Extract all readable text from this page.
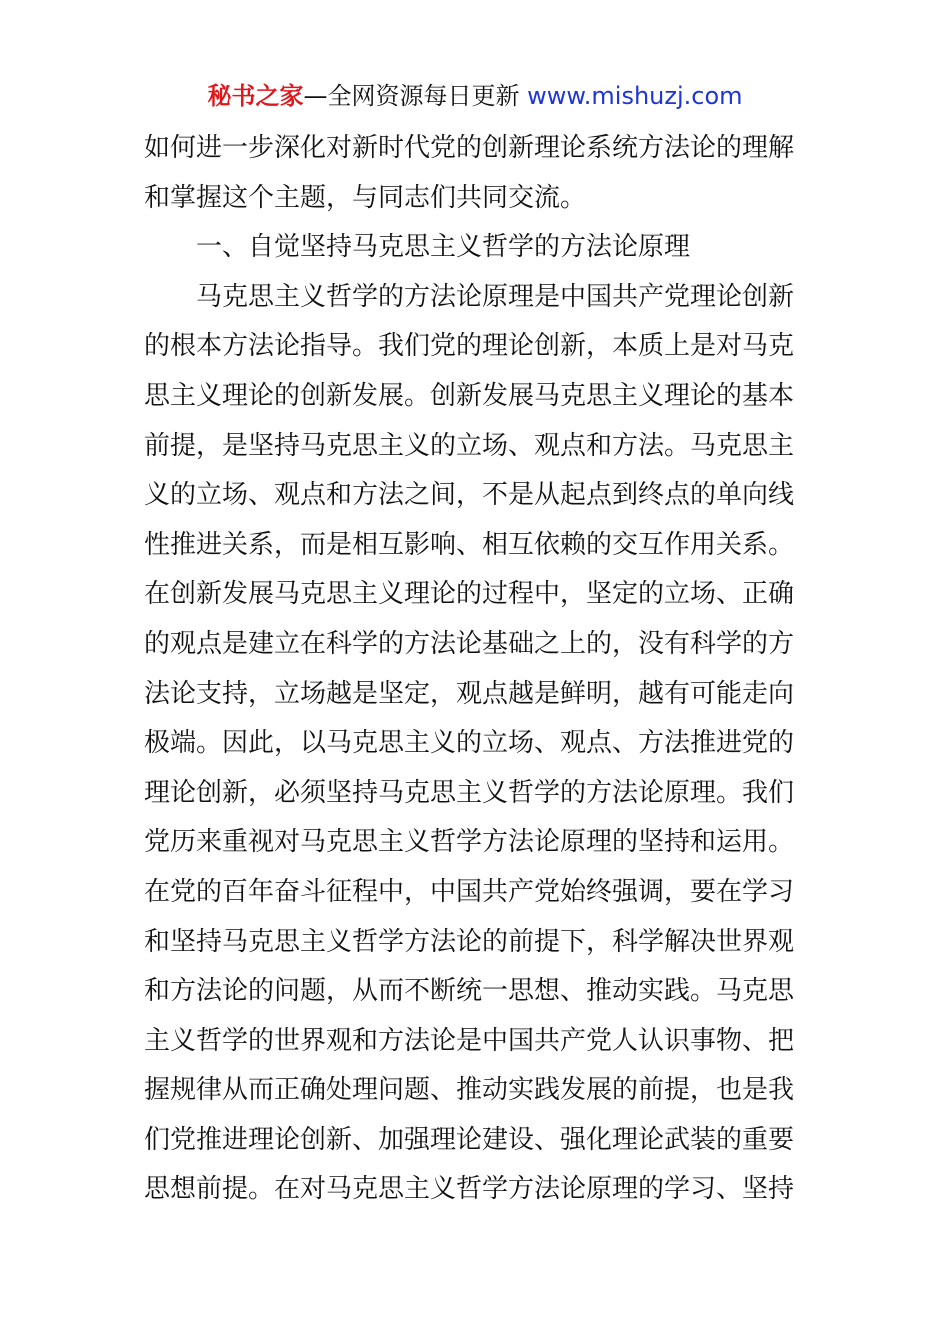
秘书之家—全网资源每日更新 www.mishuzj.com
如何进一步深化对新时代党的创新理论系统方法论的理解
和掌握这个主题，与同志们共同交流。
一、自觉坚持马克思主义哲学的方法论原理
马克思主义哲学的方法论原理是中国共产党理论创新
的根本方法论指导。我们党的理论创新，本质上是对马克
思主义理论的创新发展。创新发展马克思主义理论的基本
前提，是坚持马克思主义的立场、观点和方法。马克思主
义的立场、观点和方法之间，不是从起点到终点的单向线
性推进关系，而是相互影响、相互依赖的交互作用关系。
在创新发展马克思主义理论的过程中，坚定的立场、正确
的观点是建立在科学的方法论基础之上的，没有科学的方
法论支持，立场越是坚定，观点越是鲜明，越有可能走向
极端。因此，以马克思主义的立场、观点、方法推进党的
理论创新，必须坚持马克思主义哲学的方法论原理。我们
党历来重视对马克思主义哲学方法论原理的坚持和运用。
在党的百年奋斗征程中，中国共产党始终强调，要在学习
和坚持马克思主义哲学方法论的前提下，科学解决世界观
和方法论的问题，从而不断统一思想、推动实践。马克思
主义哲学的世界观和方法论是中国共产党人认识事物、把
握规律从而正确处理问题、推动实践发展的前提，也是我
们党推进理论创新、加强理论建设、强化理论武装的重要
思想前提。在对马克思主义哲学方法论原理的学习、坚持
